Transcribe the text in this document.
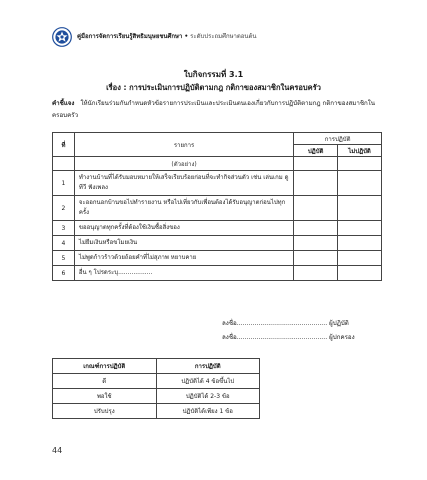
คู่มือการจัดการเรียนรู้สิทธิมนุษยชนศึกษา • ระดับประถมศึกษาตอนต้น
ใบกิจกรรมที่ 3.1
เรื่อง : การประเมินการปฏิบัติตามกฎ กติกาของสมาชิกในครอบครัว
คำชี้แจง ให้นักเรียนร่วมกันกำหนดหัวข้อรายการประเมินและประเมินตนเองเกี่ยวกับการปฏิบัติตามกฎ กติกาของสมาชิกในครอบครัว
ที่	รายการ	การปฏิบัติ	
		ปฏิบัติ	ไม่ปฏิบัติ
	(ตัวอย่าง)		
1	ทำงานบ้านที่ได้รับมอบหมายให้เสร็จเรียบร้อยก่อนที่จะทำกิจส่วนตัว เช่น เล่นเกม ดูทีวี ฟังเพลง		
2	จะออกนอกบ้านขอไปทำรายงาน หรือไปเที่ยวกับเพื่อนต้องได้รับอนุญาตก่อนไปทุกครั้ง		
3	ขออนุญาตทุกครั้งที่ต้องใช้เงินซื้อสิ่งของ		
4	ไม่ยืมเงินหรือขโมยเงิน		
5	ไม่พูดก้าวร้าวด้วยถ้อยคำที่ไม่สุภาพ หยาบคาย		
6	อื่น ๆ โปรดระบุ..................		
ลงชื่อ.............................................. ผู้ปฏิบัติ
ลงชื่อ.............................................. ผู้ปกครอง
เกณฑ์การปฏิบัติ	การปฏิบัติ
ดี	ปฏิบัติได้ 4 ข้อขึ้นไป
พอใช้	ปฏิบัติได้ 2-3 ข้อ
ปรับปรุง	ปฏิบัติได้เพียง 1 ข้อ
44
